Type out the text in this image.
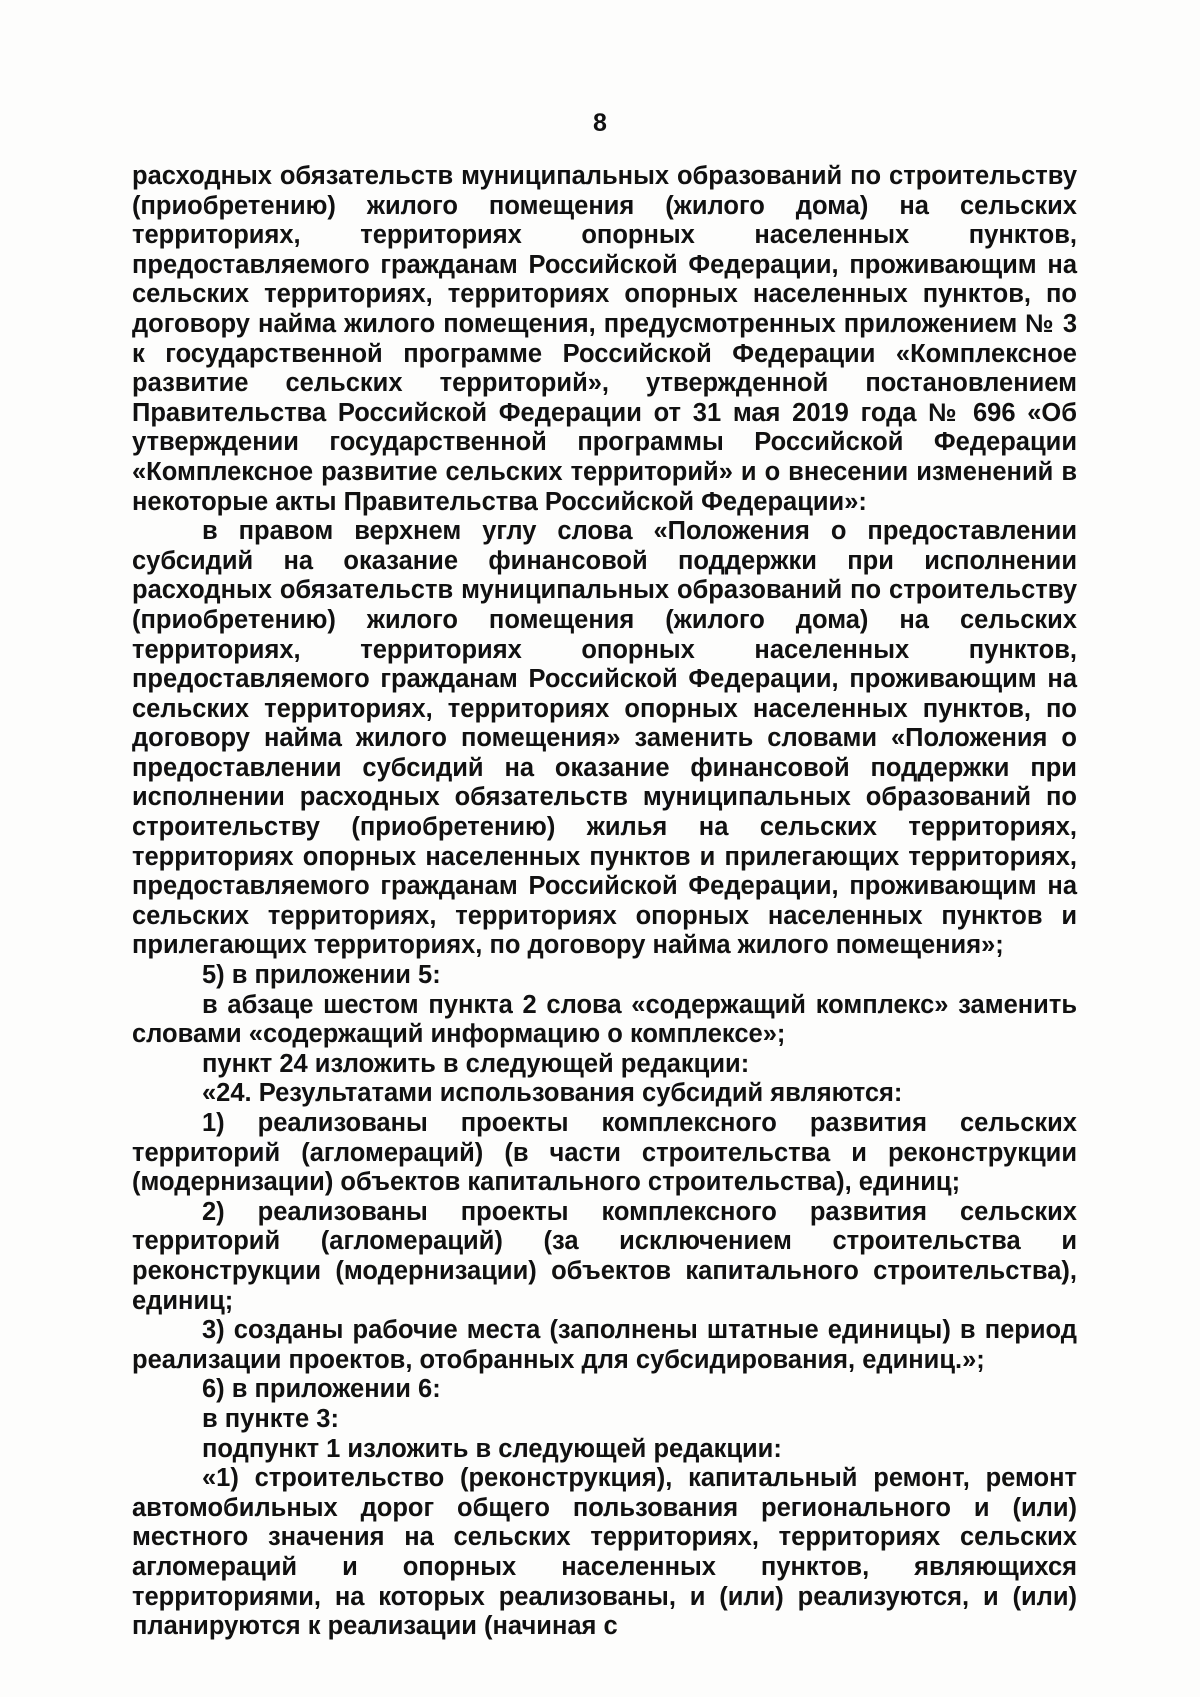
8

расходных обязательств муниципальных образований по строительству (приобретению) жилого помещения (жилого дома) на сельских территориях, территориях опорных населенных пунктов, предоставляемого гражданам Российской Федерации, проживающим на сельских территориях, территориях опорных населенных пунктов, по договору найма жилого помещения, предусмотренных приложением № 3 к государственной программе Российской Федерации «Комплексное развитие сельских территорий», утвержденной постановлением Правительства Российской Федерации от 31 мая 2019 года № 696 «Об утверждении государственной программы Российской Федерации «Комплексное развитие сельских территорий» и о внесении изменений в некоторые акты Правительства Российской Федерации»:

в правом верхнем углу слова «Положения о предоставлении субсидий на оказание финансовой поддержки при исполнении расходных обязательств муниципальных образований по строительству (приобретению) жилого помещения (жилого дома) на сельских территориях, территориях опорных населенных пунктов, предоставляемого гражданам Российской Федерации, проживающим на сельских территориях, территориях опорных населенных пунктов, по договору найма жилого помещения» заменить словами «Положения о предоставлении субсидий на оказание финансовой поддержки при исполнении расходных обязательств муниципальных образований по строительству (приобретению) жилья на сельских территориях, территориях опорных населенных пунктов и прилегающих территориях, предоставляемого гражданам Российской Федерации, проживающим на сельских территориях, территориях опорных населенных пунктов и прилегающих территориях, по договору найма жилого помещения»;

5) в приложении 5:

в абзаце шестом пункта 2 слова «содержащий комплекс» заменить словами «содержащий информацию о комплексе»;

пункт 24 изложить в следующей редакции:

«24. Результатами использования субсидий являются:

1) реализованы проекты комплексного развития сельских территорий (агломераций) (в части строительства и реконструкции (модернизации) объектов капитального строительства), единиц;

2) реализованы проекты комплексного развития сельских территорий (агломераций) (за исключением строительства и реконструкции (модернизации) объектов капитального строительства), единиц;

3) созданы рабочие места (заполнены штатные единицы) в период реализации проектов, отобранных для субсидирования, единиц.»;

6) в приложении 6:

в пункте 3:

подпункт 1 изложить в следующей редакции:

«1) строительство (реконструкция), капитальный ремонт, ремонт автомобильных дорог общего пользования регионального и (или) местного значения на сельских территориях, территориях сельских агломераций и опорных населенных пунктов, являющихся территориями, на которых реализованы, и (или) реализуются, и (или) планируются к реализации (начиная с
